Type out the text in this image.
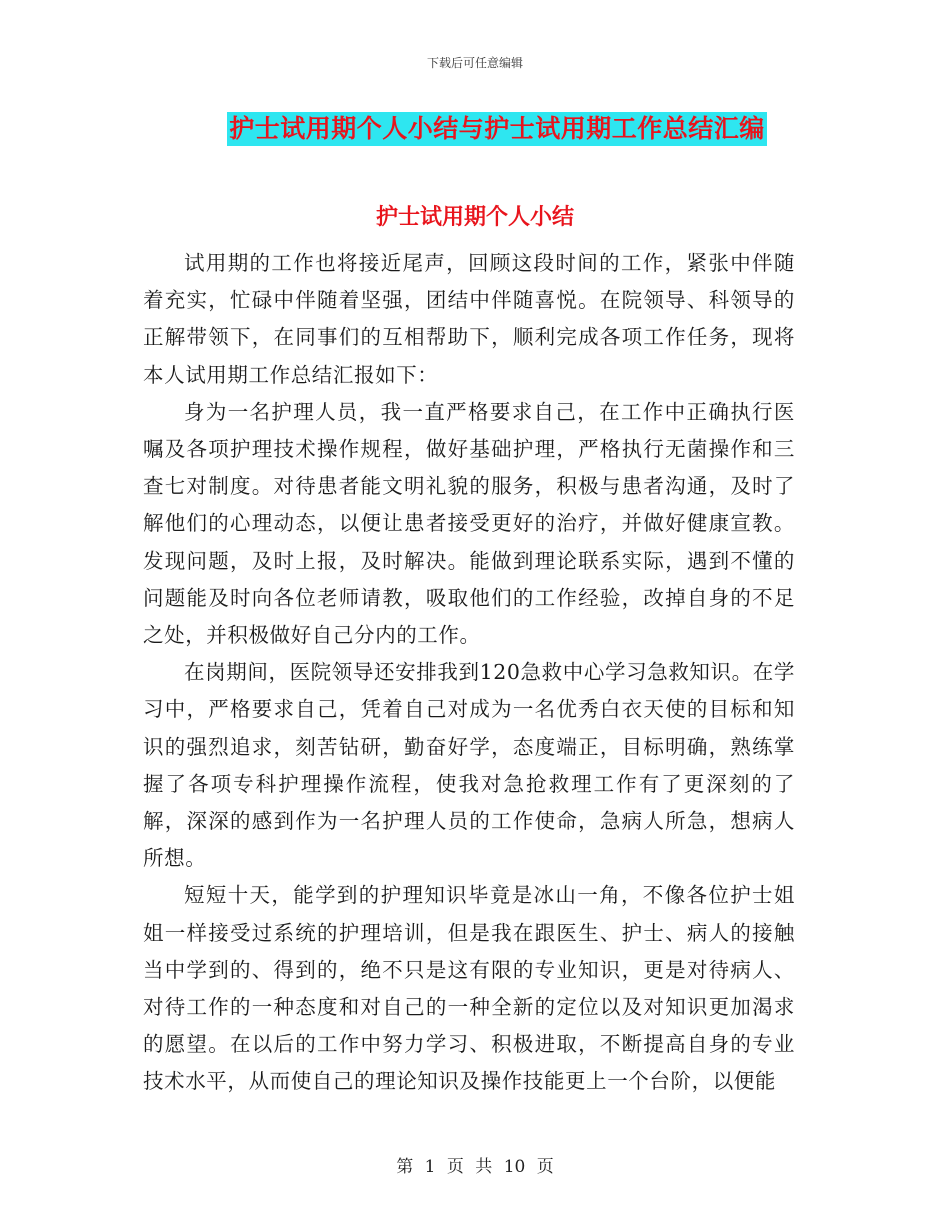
下载后可任意编辑
护士试用期个人小结与护士试用期工作总结汇编
护士试用期个人小结

试用期的工作也将接近尾声，回顾这段时间的工作，紧张中伴随着充实，忙碌中伴随着坚强，团结中伴随喜悦。在院领导、科领导的正解带领下，在同事们的互相帮助下，顺利完成各项工作任务，现将本人试用期工作总结汇报如下：

身为一名护理人员，我一直严格要求自己，在工作中正确执行医嘱及各项护理技术操作规程，做好基础护理，严格执行无菌操作和三查七对制度。对待患者能文明礼貌的服务，积极与患者沟通，及时了解他们的心理动态，以便让患者接受更好的治疗，并做好健康宣教。发现问题，及时上报，及时解决。能做到理论联系实际，遇到不懂的问题能及时向各位老师请教，吸取他们的工作经验，改掉自身的不足之处，并积极做好自己分内的工作。

在岗期间，医院领导还安排我到120急救中心学习急救知识。在学习中，严格要求自己，凭着自己对成为一名优秀白衣天使的目标和知识的强烈追求，刻苦钻研，勤奋好学，态度端正，目标明确，熟练掌握了各项专科护理操作流程，使我对急抢救理工作有了更深刻的了解，深深的感到作为一名护理人员的工作使命，急病人所急，想病人所想。

短短十天，能学到的护理知识毕竟是冰山一角，不像各位护士姐姐一样接受过系统的护理培训，但是我在跟医生、护士、病人的接触当中学到的、得到的，绝不只是这有限的专业知识，更是对待病人、对待工作的一种态度和对自己的一种全新的定位以及对知识更加渴求的愿望。在以后的工作中努力学习、积极进取，不断提高自身的专业技术水平，从而使自己的理论知识及操作技能更上一个台阶，以便能

第 1 页 共 10 页
